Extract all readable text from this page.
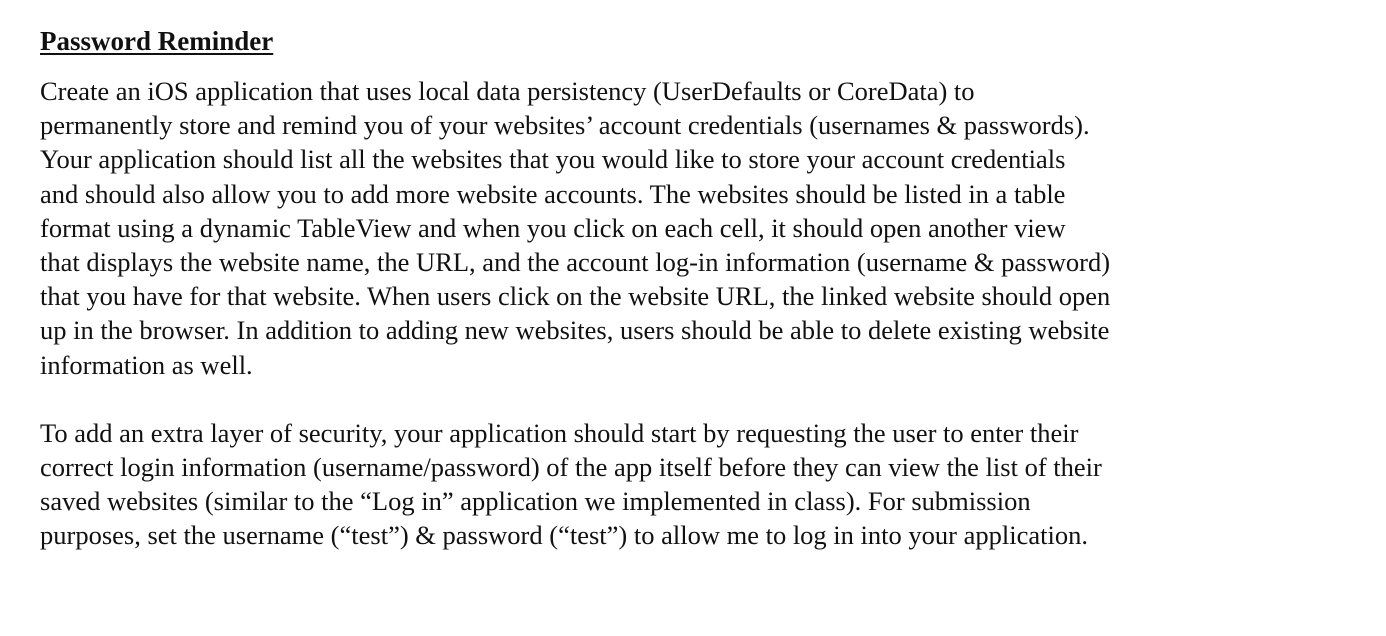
Password Reminder
Create an iOS application that uses local data persistency (UserDefaults or CoreData) to
permanently store and remind you of your websites’ account credentials (usernames & passwords).
Your application should list all the websites that you would like to store your account credentials
and should also allow you to add more website accounts. The websites should be listed in a table
format using a dynamic TableView and when you click on each cell, it should open another view
that displays the website name, the URL, and the account log-in information (username & password)
that you have for that website. When users click on the website URL, the linked website should open
up in the browser. In addition to adding new websites, users should be able to delete existing website
information as well.
To add an extra layer of security, your application should start by requesting the user to enter their
correct login information (username/password) of the app itself before they can view the list of their
saved websites (similar to the “Log in” application we implemented in class). For submission
purposes, set the username (“test”) & password (“test”) to allow me to log in into your application.
